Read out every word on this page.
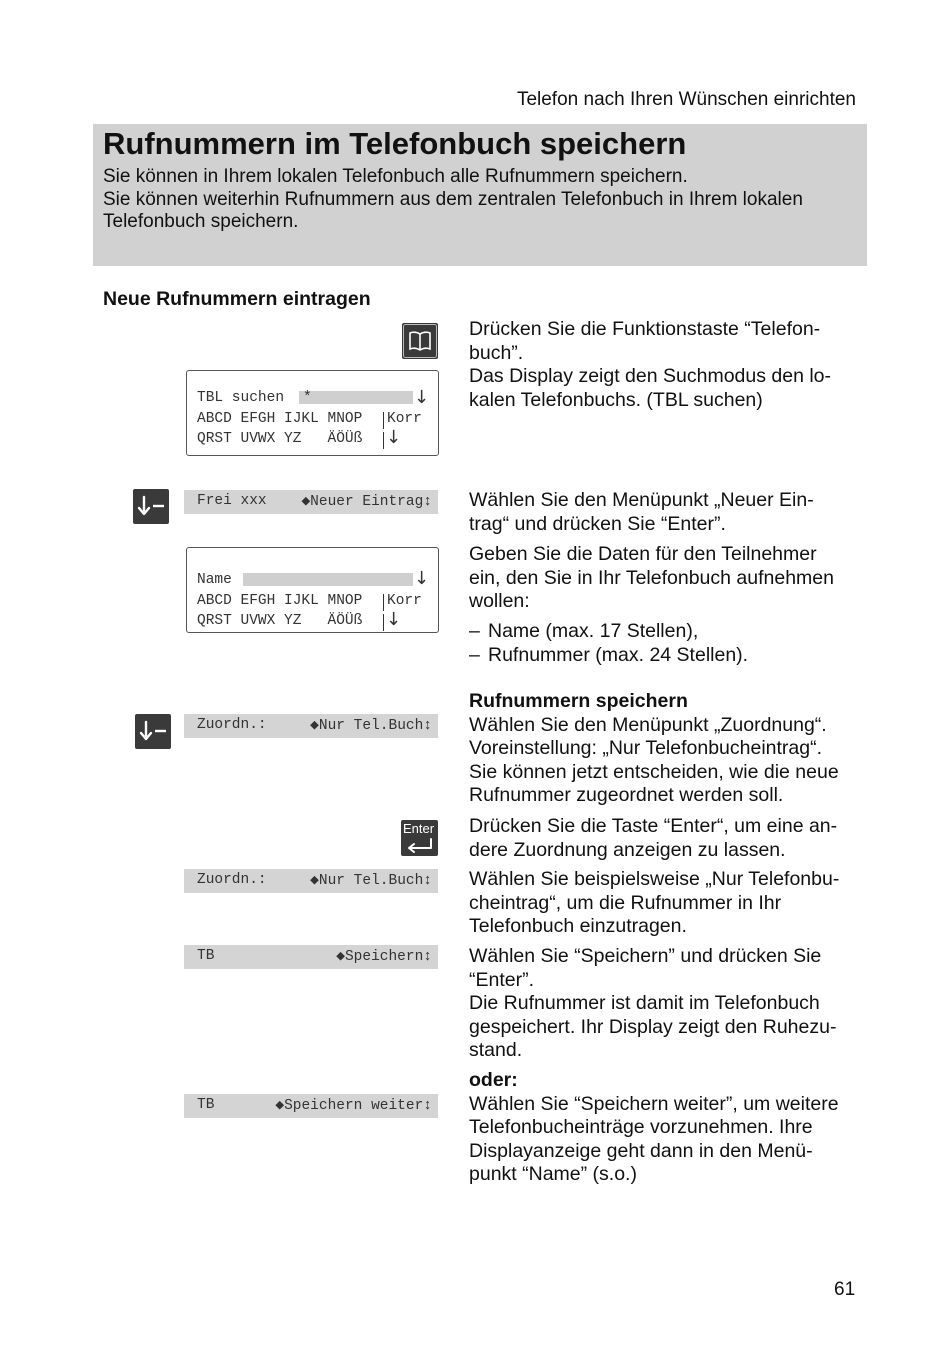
Telefon nach Ihren Wünschen einrichten
Rufnummern im Telefonbuch speichern
Sie können in Ihrem lokalen Telefonbuch alle Rufnummern speichern.
Sie können weiterhin Rufnummern aus dem zentralen Telefonbuch in Ihrem lokalen
Telefonbuch speichern.
Neue Rufnummern eintragen
TBL suchen *	↓
ABCD EFGH IJKL MNOP Korr
QRST UVWX YZ   ÄÖÜß ↓
Frei xxx ◆Neuer Eintrag↕
Name	↓
ABCD EFGH IJKL MNOP Korr
QRST UVWX YZ   ÄÖÜß ↓
Zuordn.:	◆Nur Tel.Buch↕
Enter
Zuordn.:	◆Nur Tel.Buch↕
TB	◆Speichern↕
TB	◆Speichern weiter↕
Drücken Sie die Funktionstaste “Telefon-
buch”.
Das Display zeigt den Suchmodus den lo-
kalen Telefonbuchs. (TBL suchen)
Wählen Sie den Menüpunkt „Neuer Ein-
trag“ und drücken Sie “Enter”.
Geben Sie die Daten für den Teilnehmer
ein, den Sie in Ihr Telefonbuch aufnehmen
wollen:
– Name (max. 17 Stellen),
– Rufnummer (max. 24 Stellen).
Rufnummern speichern
Wählen Sie den Menüpunkt „Zuordnung“.
Voreinstellung: „Nur Telefonbucheintrag“.
Sie können jetzt entscheiden, wie die neue
Rufnummer zugeordnet werden soll.
Drücken Sie die Taste “Enter“, um eine an-
dere Zuordnung anzeigen zu lassen.
Wählen Sie beispielsweise „Nur Telefonbu-
cheintrag“, um die Rufnummer in Ihr
Telefonbuch einzutragen.
Wählen Sie “Speichern” und drücken Sie
“Enter”.
Die Rufnummer ist damit im Telefonbuch
gespeichert. Ihr Display zeigt den Ruhezu-
stand.
oder:
Wählen Sie “Speichern weiter”, um weitere
Telefonbucheinträge vorzunehmen. Ihre
Displayanzeige geht dann in den Menü-
punkt “Name” (s.o.)
61
